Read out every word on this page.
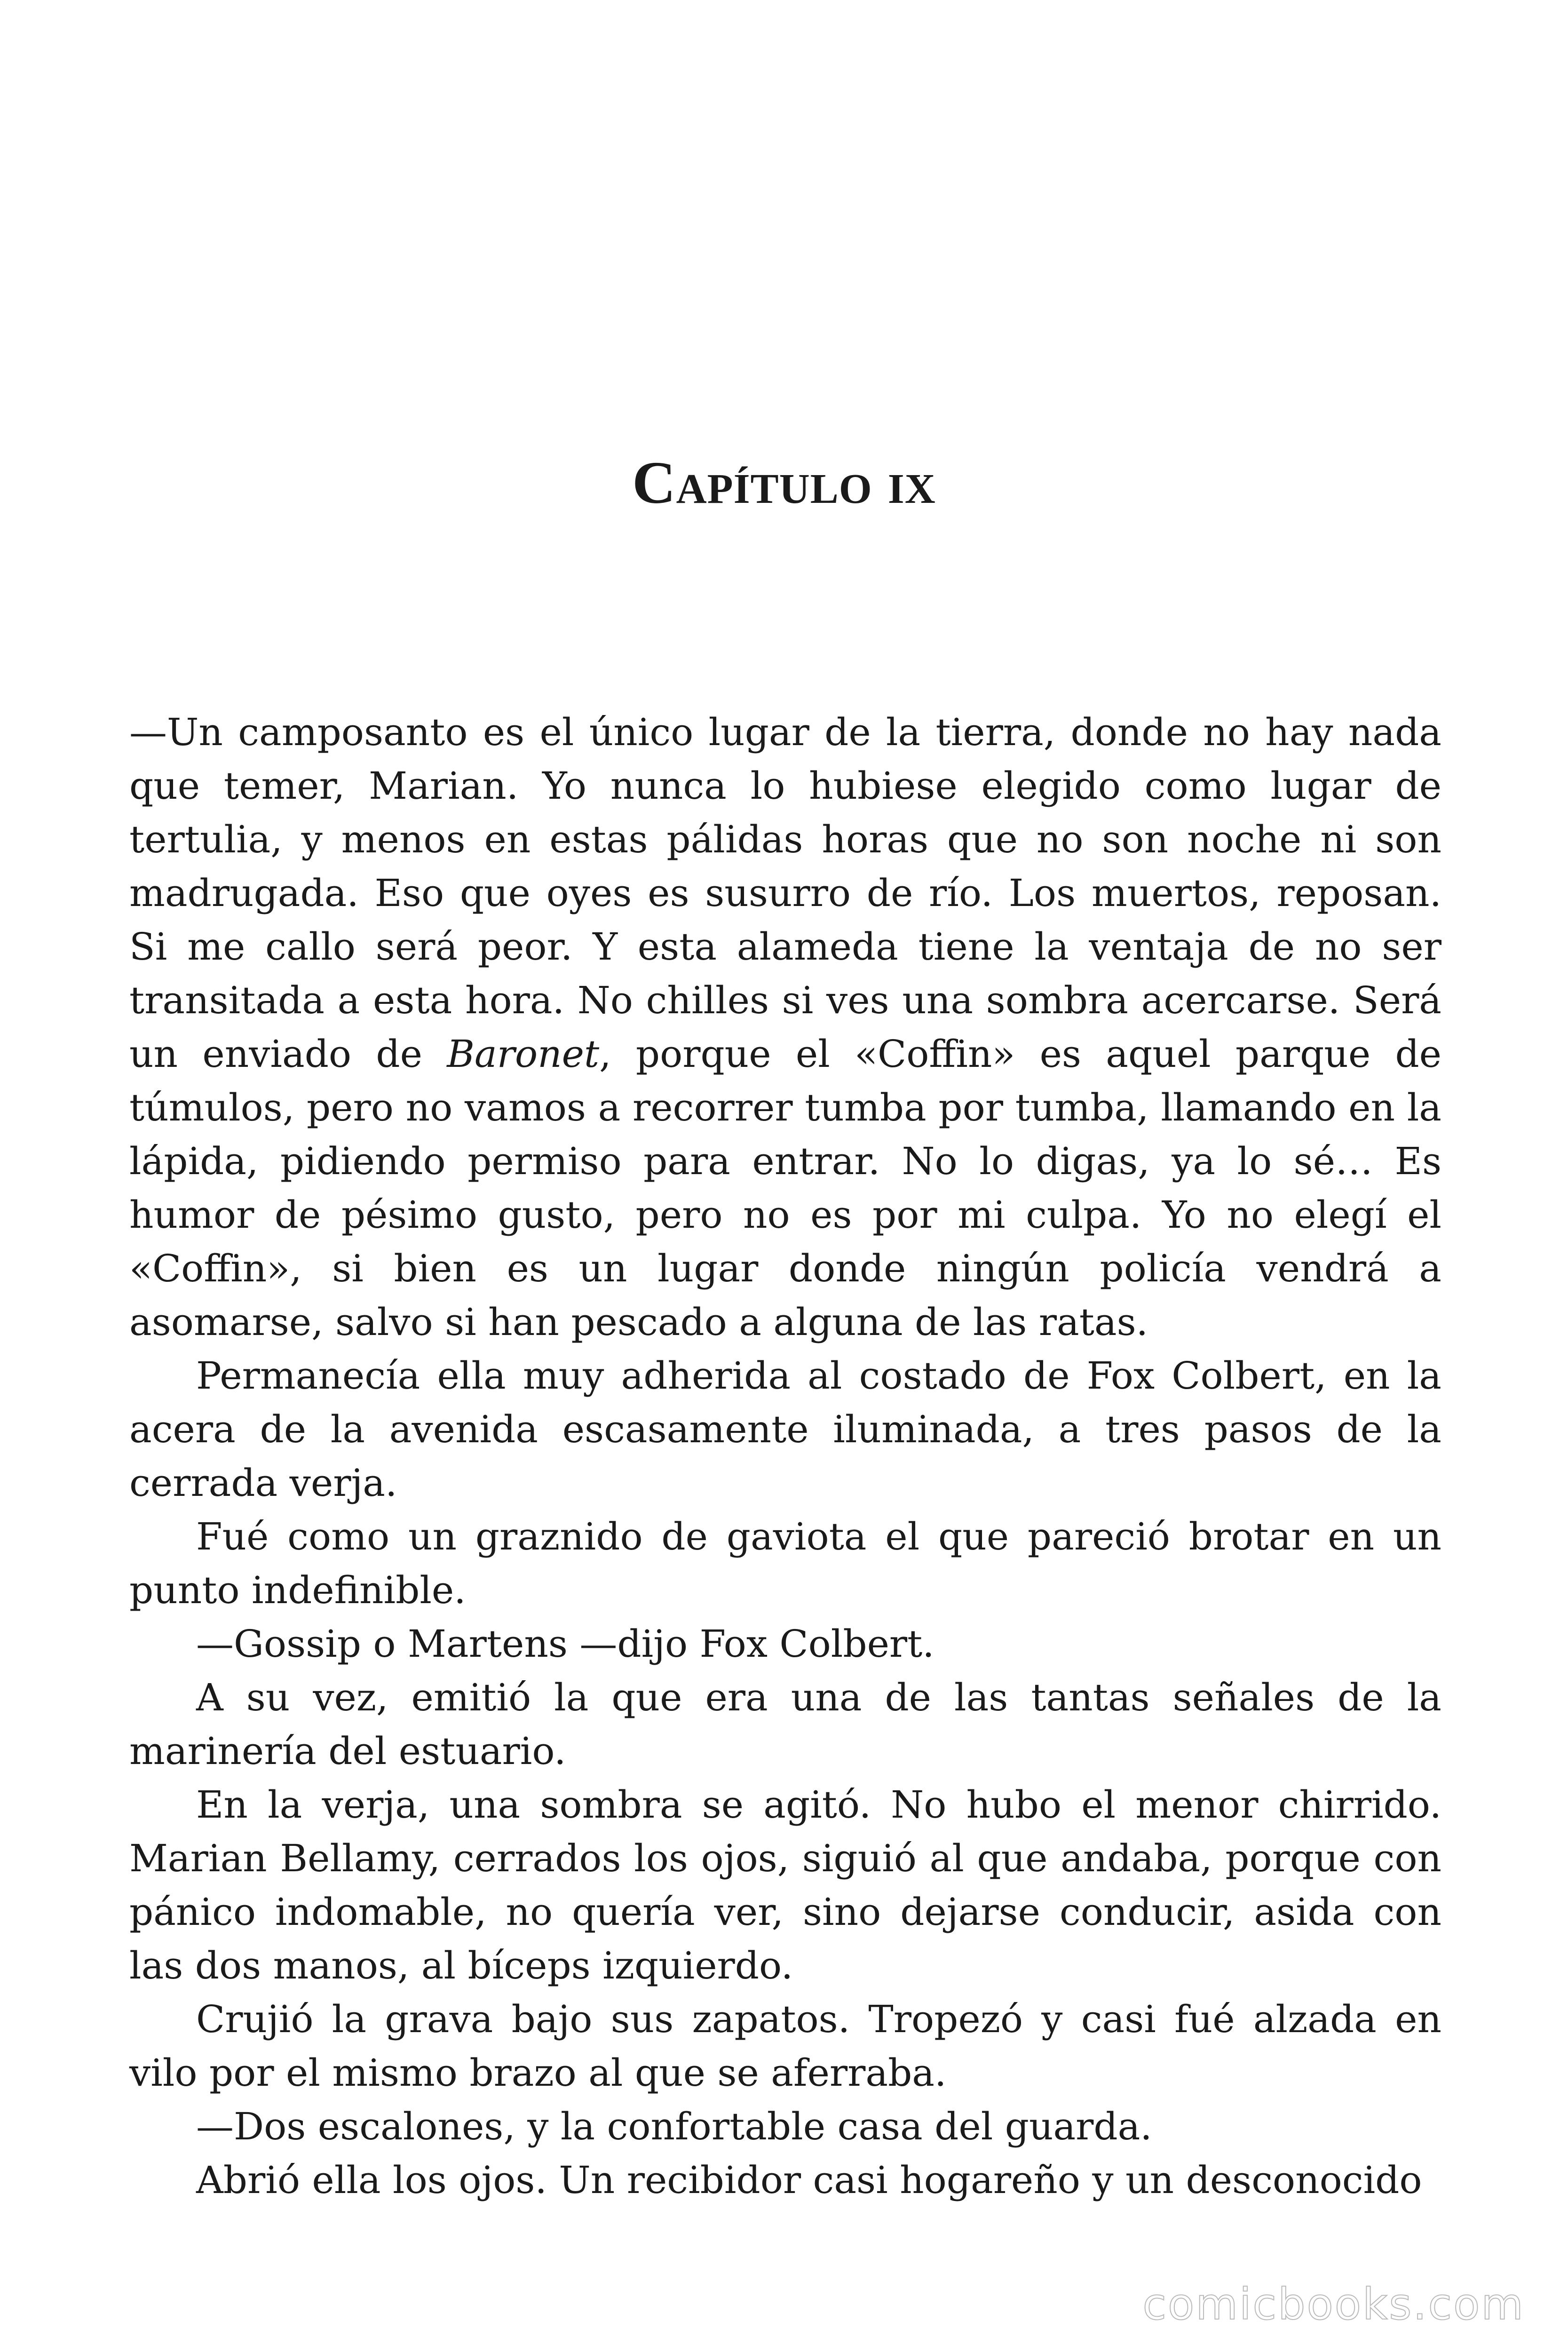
Capítulo ix

—Un camposanto es el único lugar de la tierra, donde no hay nada que temer, Marian. Yo nunca lo hubiese elegido como lugar de tertulia, y menos en estas pálidas horas que no son noche ni son madrugada. Eso que oyes es susurro de río. Los muertos, reposan. Si me callo será peor. Y esta alameda tiene la ventaja de no ser transitada a esta hora. No chilles si ves una sombra acercarse. Será un enviado de Baronet, porque el «Coffin» es aquel parque de túmulos, pero no vamos a recorrer tumba por tumba, llamando en la lápida, pidiendo permiso para entrar. No lo digas, ya lo sé… Es humor de pésimo gusto, pero no es por mi culpa. Yo no elegí el «Coffin», si bien es un lugar donde ningún policía vendrá a asomarse, salvo si han pescado a alguna de las ratas.

Permanecía ella muy adherida al costado de Fox Colbert, en la acera de la avenida escasamente iluminada, a tres pasos de la cerrada verja.

Fué como un graznido de gaviota el que pareció brotar en un punto indefinible.

—Gossip o Martens —dijo Fox Colbert.

A su vez, emitió la que era una de las tantas señales de la marinería del estuario.

En la verja, una sombra se agitó. No hubo el menor chirrido. Marian Bellamy, cerrados los ojos, siguió al que andaba, porque con pánico indomable, no quería ver, sino dejarse conducir, asida con las dos manos, al bíceps izquierdo.

Crujió la grava bajo sus zapatos. Tropezó y casi fué alzada en vilo por el mismo brazo al que se aferraba.

—Dos escalones, y la confortable casa del guarda.

Abrió ella los ojos. Un recibidor casi hogareño y un desconocido

comicbooks.com
